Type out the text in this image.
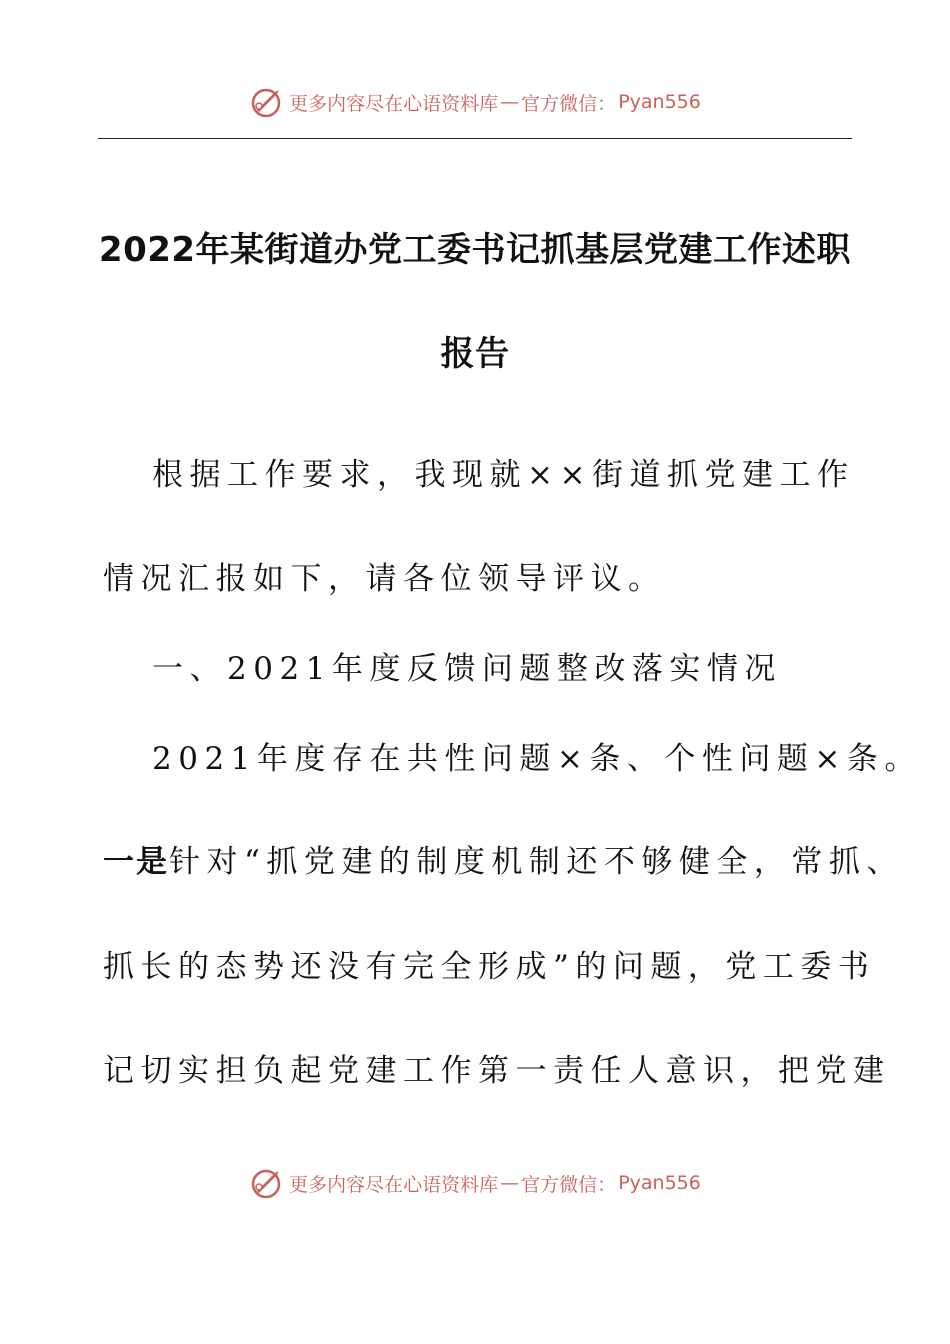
更多内容尽在心语资料库 — 官方微信： Pyan556
2022年某街道办党工委书记抓基层党建工作述职
报告
根据工作要求，我现就××街道抓党建工作
情况汇报如下，请各位领导评议。
一、2021年度反馈问题整改落实情况
2021年度存在共性问题×条、个性问题×条。
一是针对“抓党建的制度机制还不够健全，常抓、
抓长的态势还没有完全形成”的问题，党工委书
记切实担负起党建工作第一责任人意识，把党建
更多内容尽在心语资料库 — 官方微信： Pyan556
